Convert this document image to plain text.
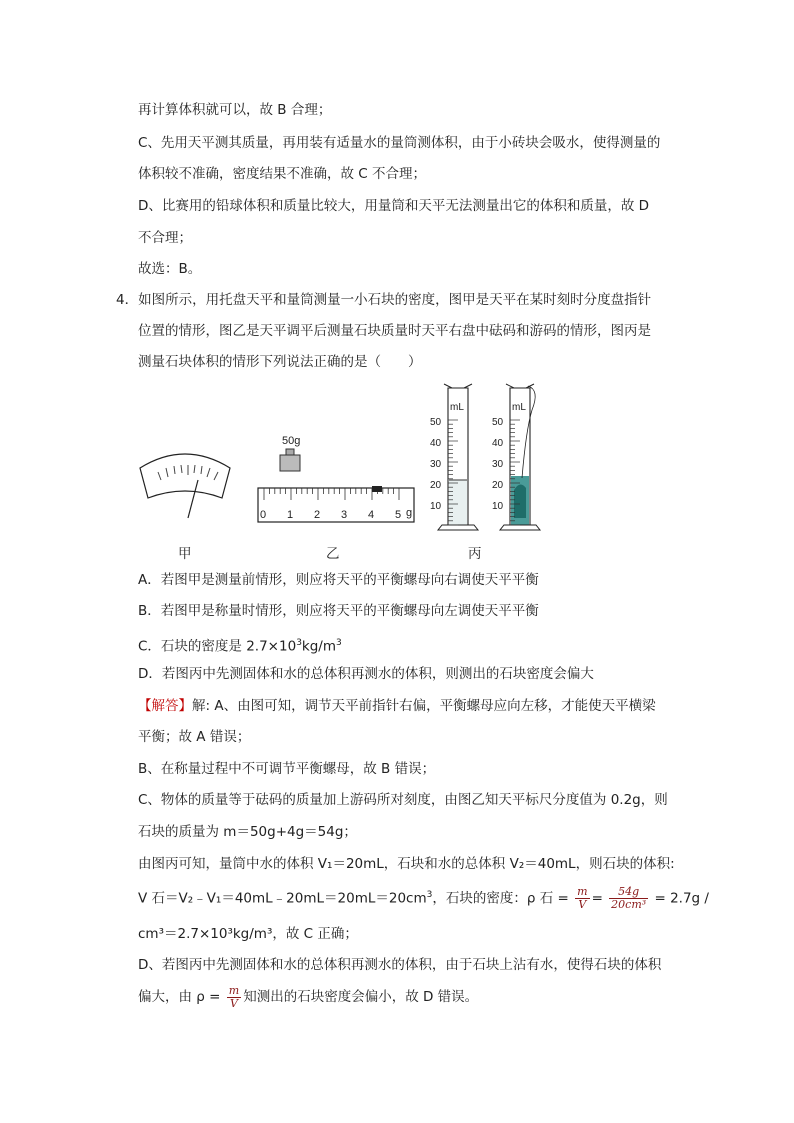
再计算体积就可以，故 B 合理；
C、先用天平测其质量，再用装有适量水的量筒测体积，由于小砖块会吸水，使得测量的
体积较不准确，密度结果不准确，故 C 不合理；
D、比赛用的铅球体积和质量比较大，用量筒和天平无法测量出它的体积和质量，故 D
不合理；
故选：B。
4．如图所示，用托盘天平和量筒测量一小石块的密度，图甲是天平在某时刻时分度盘指针
位置的情形，图乙是天平调平后测量石块质量时天平右盘中砝码和游码的情形，图丙是
测量石块体积的情形下列说法正确的是（　　）
50g
0 1 2 3 4 5 g
mL
50
40
30
20
10
mL
50
40
30
20
10
甲	乙	丙
A．若图甲是测量前情形，则应将天平的平衡螺母向右调使天平平衡
B．若图甲是称量时情形，则应将天平的平衡螺母向左调使天平平衡
C．石块的密度是 $2.7\times 10^3kg/m^3$
D．若图丙中先测固体和水的总体积再测水的体积，则测出的石块密度会偏大
【解答】解: A、由图可知，调节天平前指针右偏，平衡螺母应向左移，才能使天平横梁
平衡；故 A 错误；
B、在称量过程中不可调节平衡螺母，故 B 错误；
C、物体的质量等于砝码的质量加上游码所对刻度，由图乙知天平标尺分度值为 0.2g，则
石块的质量为 m＝50g+4g＝54g；
由图丙可知，量筒中水的体积 V₁＝20mL，石块和水的总体积 V₂＝40mL，则石块的体积:
V 石$=V_2﹣V_1=40mL﹣20mL=20mL=20cm^3$，石块的密度：ρ 石 = $\frac{m}{V} = \frac{54g}{\text{20cm³}} = 2.7g$ /
cm³＝2.7×10³kg/m³，故 C 正确；
D、若图丙中先测固体和水的总体积再测水的体积，由于石块上沾有水，使得石块的体积
偏大，由 $\rho = \frac{m}{V}$ 知测出的石块密度会偏小，故 D 错误。
